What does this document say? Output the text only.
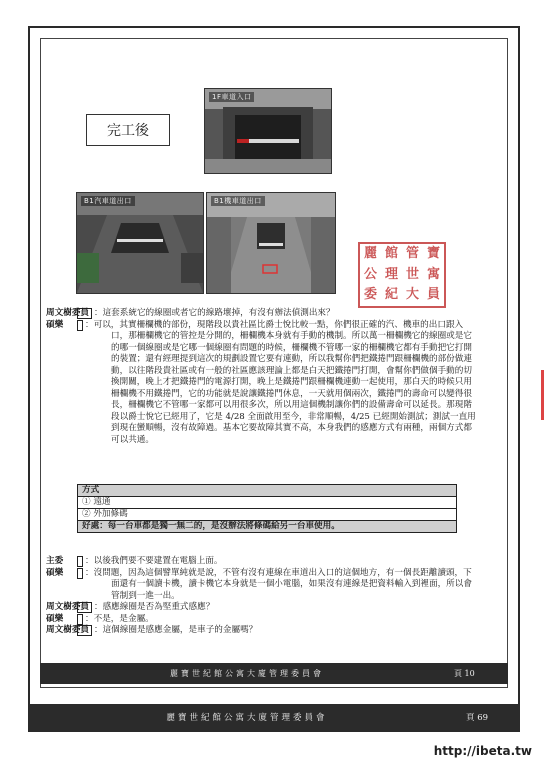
完工後
1F車道入口
B1汽車道出口	B1機車道出口
麗 館 管 寶
公 理 世 寓
委 紀 大 員

周文樹委員 ：這套系統它的線圈或者它的線路壞掉，有沒有辦法偵測出來？

碩樂	：可以，其實柵欄機的部份，現階段以貴社區比爵士悅比較一點，你們很正確的汽、機車的出口跟入口，那柵欄機它的管控是分開的，柵欄機本身就有手動的機制。所以萬一柵欄機它的線圈或是它的哪一個線圈或是它哪一個線圈有問題的時候，柵欄機不管哪一家的柵欄機它都有手動把它打開的裝置；還有經理提到這次的規劃設置它要有連動，所以我幫你們把鐵捲門跟柵欄機的部份做連動，以往階段貴社區或有一般的社區應該理論上都是白天把鐵捲門打開，會幫你們做個手動的切換開關，晚上才把鐵捲門的電源打開，晚上是鐵捲門跟柵欄機連動一起使用，那白天的時候只用柵欄機不用鐵捲門，它的功能就是說讓鐵捲門休息，一天就用個兩次，鐵捲門的壽命可以變得很長，柵欄機它不管哪一家都可以用很多次，所以用這個機制讓你們的設備壽命可以延長。那現階段以爵士悅它已經用了，它是 4/28 全面啟用至今，非常順暢，4/25 已經開始測試；測試一直用到現在蠻順暢，沒有故障過。基本它要故障其實不高，本身我們的感應方式有兩種，兩個方式都可以共通。

方式
① 遠通
② 外加條碼
好處：每一台車都是獨一無二的，是沒辦法將條碼給另一台車使用。

主委	：以後我們要不要建置在電腦上面。

碩樂	：沒問題，因為這個譬單純就是說，不管有沒有連線在車道出入口的這個地方，有一個長距離讀頭，下面還有一個讀卡機，讀卡機它本身就是一個小電腦，如果沒有連線是把資料輸入到裡面，所以會管制到一進一出。

周文樹委員 ：感應線圈是否為堅重式感應？

碩樂	：不是，是金屬。

周文樹委員 ：這個線圈是感應金屬，是車子的金屬嗎？

麗寶世紀館公寓大廈管理委員會	頁 10
麗寶世紀館公寓大廈管理委員會	頁 69
http://ibeta.tw
